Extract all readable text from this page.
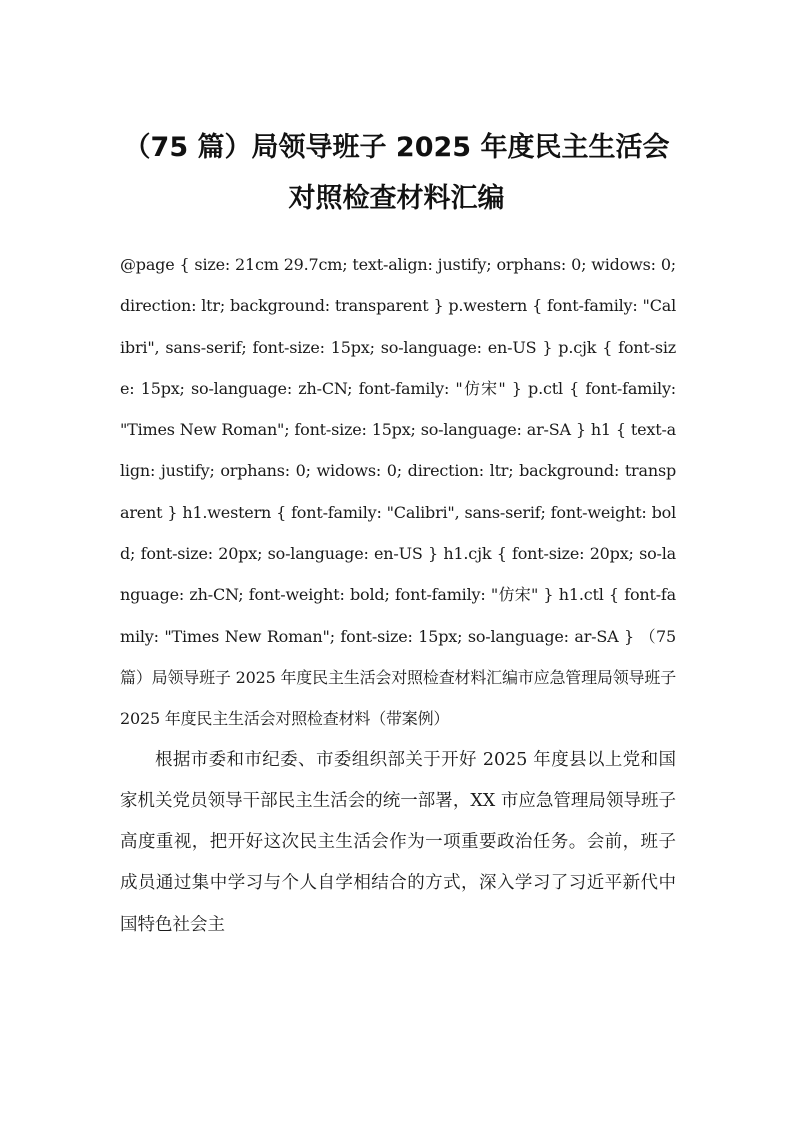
（75 篇）局领导班子 2025 年度民主生活会
对照检查材料汇编

@page { size: 21cm 29.7cm; text-align: justify; orphans: 0; widows: 0; direction: ltr; background: transparent } p.western { font-family: "Calibri", sans-serif; font-size: 15px; so-language: en-US } p.cjk { font-size: 15px; so-language: zh-CN; font-family: "仿宋" } p.ctl { font-family: "Times New Roman"; font-size: 15px; so-language: ar-SA } h1 { text-align: justify; orphans: 0; widows: 0; direction: ltr; background: transparent } h1.western { font-family: "Calibri", sans-serif; font-weight: bold; font-size: 20px; so-language: en-US } h1.cjk { font-size: 20px; so-language: zh-CN; font-weight: bold; font-family: "仿宋" } h1.ctl { font-family: "Times New Roman"; font-size: 15px; so-language: ar-SA } （75 篇）局领导班子 2025 年度民主生活会对照检查材料汇编市应急管理局领导班子 2025 年度民主生活会对照检查材料（带案例）

根据市委和市纪委、市委组织部关于开好 2025 年度县以上党和国家机关党员领导干部民主生活会的统一部署，XX 市应急管理局领导班子高度重视，把开好这次民主生活会作为一项重要政治任务。会前，班子成员通过集中学习与个人自学相结合的方式，深入学习了习近平新代中国特色社会主
